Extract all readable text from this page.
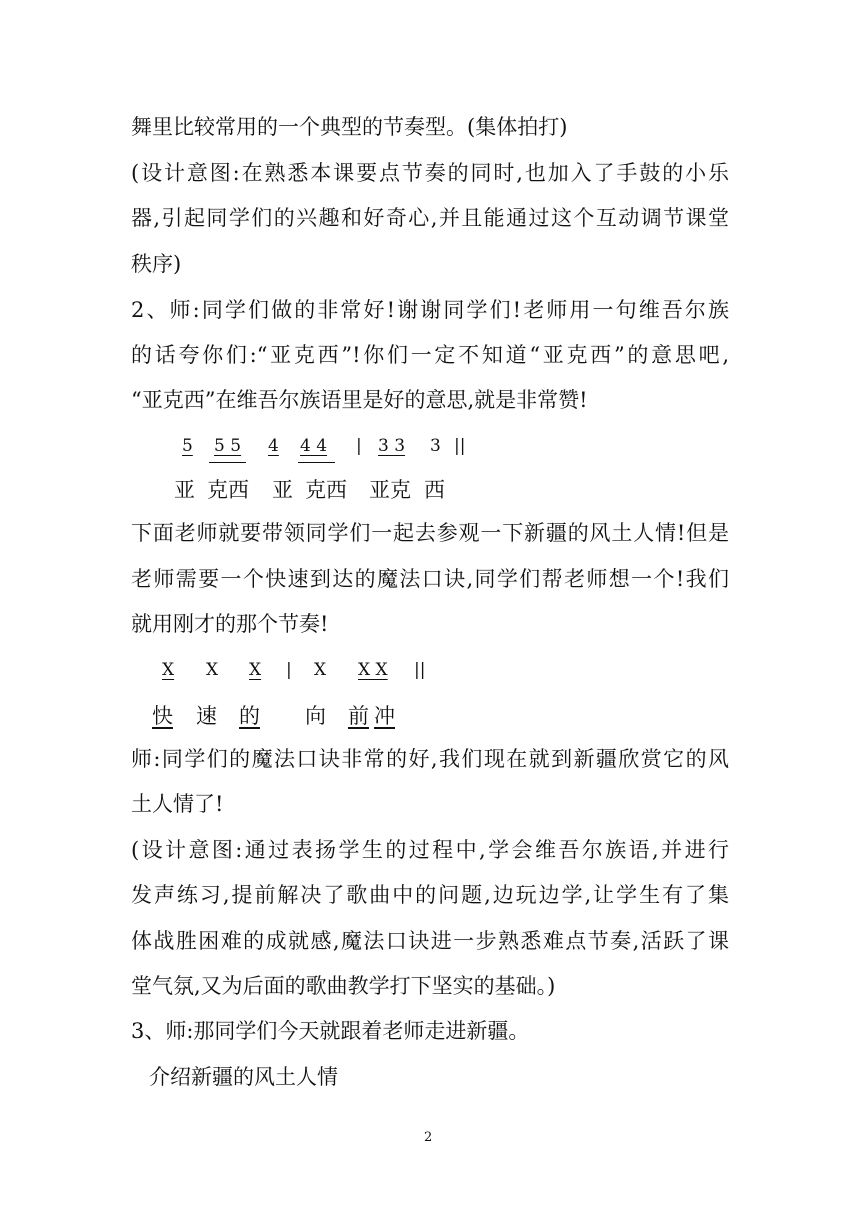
舞里比较常用的一个典型的节奏型。(集体拍打)
(设计意图:在熟悉本课要点节奏的同时,也加入了手鼓的小乐
器,引起同学们的兴趣和好奇心,并且能通过这个互动调节课堂
秩序)
2、师:同学们做的非常好!谢谢同学们!老师用一句维吾尔族
的话夸你们:“亚克西”!你们一定不知道“亚克西”的意思吧,
“亚克西”在维吾尔族语里是好的意思,就是非常赞!
5 5 5 4 4 4 | 3 3 3 ||
亚 克西 亚 克西 亚克 西
下面老师就要带领同学们一起去参观一下新疆的风土人情!但是
老师需要一个快速到达的魔法口诀,同学们帮老师想一个!我们
就用刚才的那个节奏!
X X X | X X X ||
快 速 的 向 前 冲
师:同学们的魔法口诀非常的好,我们现在就到新疆欣赏它的风
土人情了!
(设计意图:通过表扬学生的过程中,学会维吾尔族语,并进行
发声练习,提前解决了歌曲中的问题,边玩边学,让学生有了集
体战胜困难的成就感,魔法口诀进一步熟悉难点节奏,活跃了课
堂气氛,又为后面的歌曲教学打下坚实的基础。)
3、师:那同学们今天就跟着老师走进新疆。
介绍新疆的风土人情
2
